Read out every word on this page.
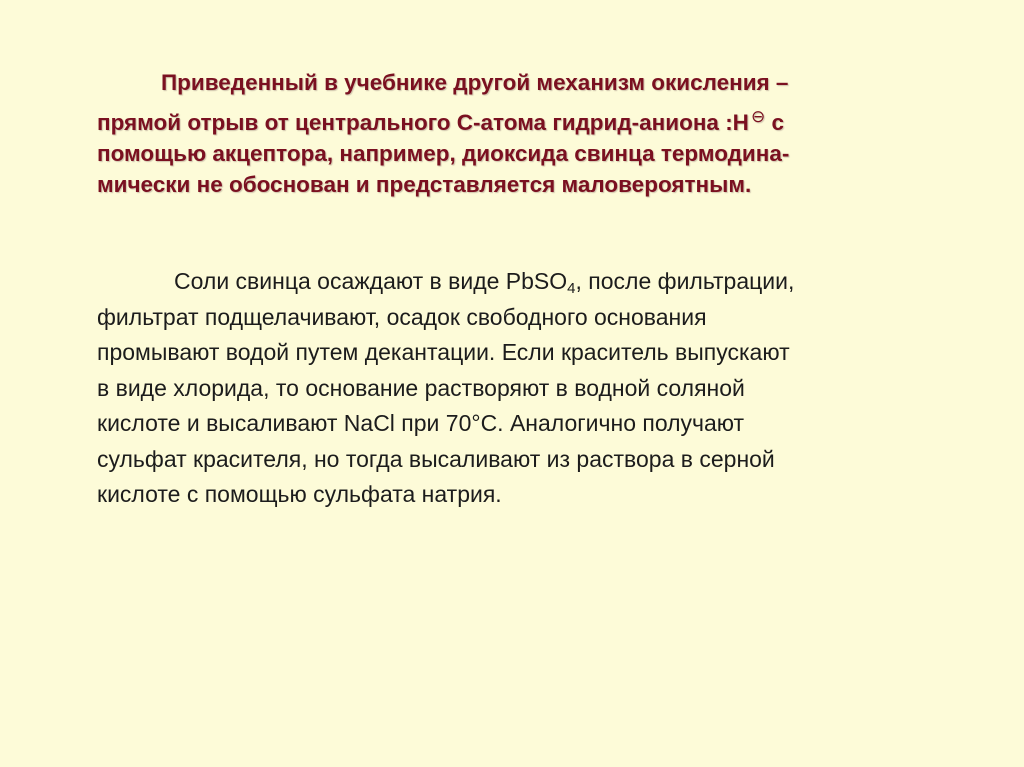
Приведенный в учебнике другой механизм окисления –
прямой отрыв от центрального С-атома гидрид-аниона :H ⊖ с
помощью акцептора, например, диоксида свинца термодина-
мически не обоснован и представляется маловероятным.
Соли свинца осаждают в виде PbSO$_4$, после фильтрации,
фильтрат подщелачивают, осадок свободного основания
промывают водой путем декантации. Если краситель выпускают
в виде хлорида, то основание растворяют в водной соляной
кислоте и высаливают NaCl при 70°С. Аналогично получают
сульфат красителя, но тогда высаливают из раствора в серной
кислоте с помощью сульфата натрия.
